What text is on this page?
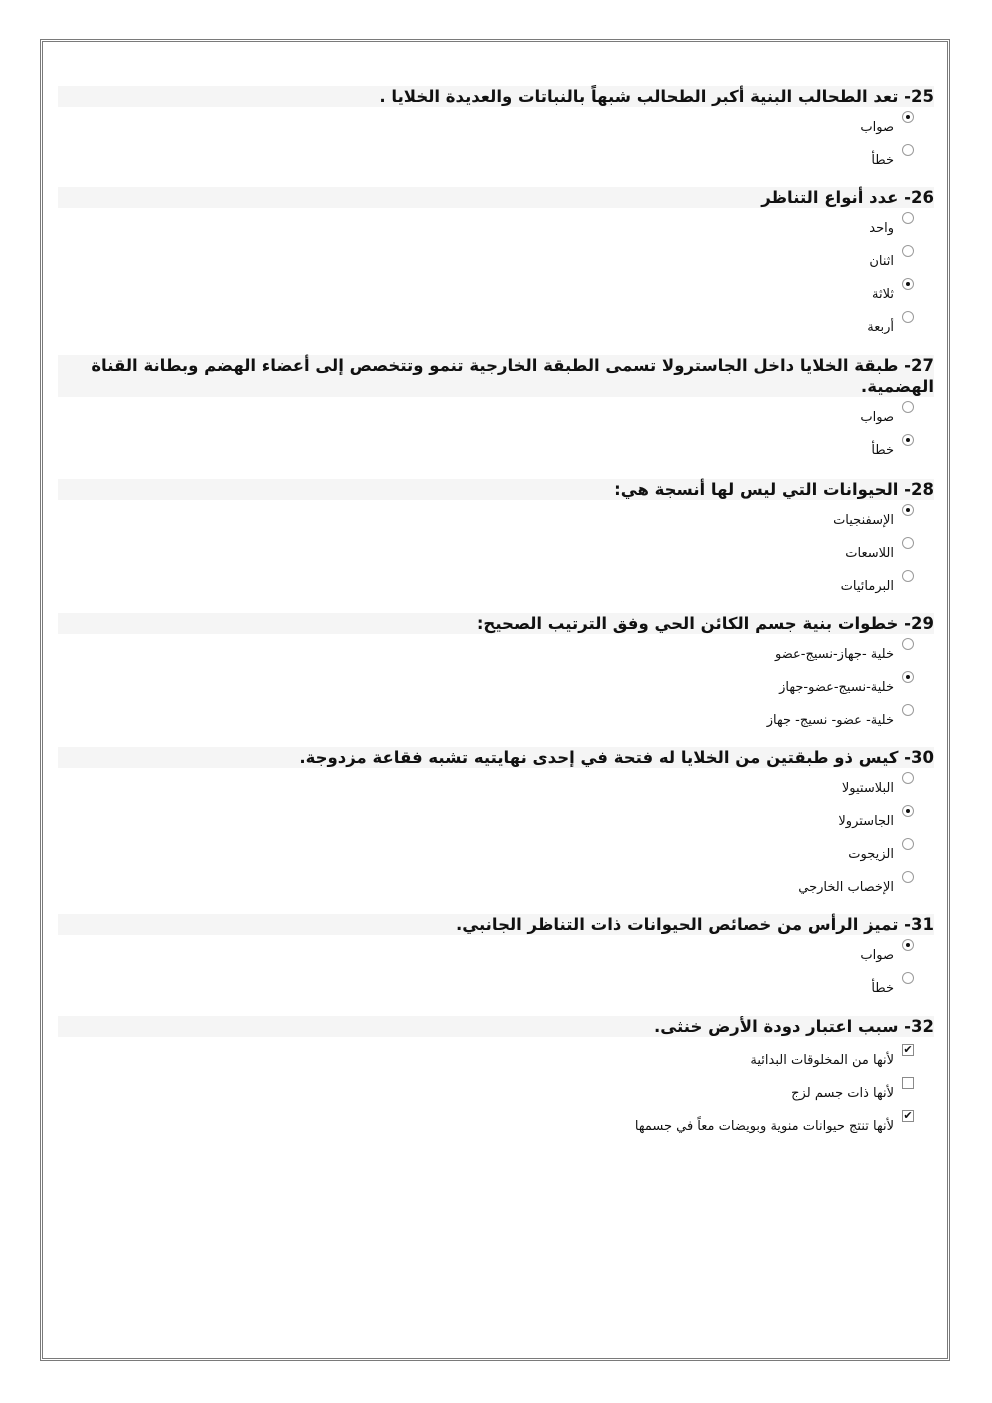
25- تعد الطحالب البنية أكبر الطحالب شبهاً بالنباتات والعديدة الخلايا .
صواب
خطأ
26- عدد أنواع التناظر
واحد
اثنان
ثلاثة
أربعة
27- طبقة الخلايا داخل الجاسترولا تسمى الطبقة الخارجية تنمو وتتخصص إلى أعضاء الهضم وبطانة القناة الهضمية.
صواب
خطأ
28- الحيوانات التي ليس لها أنسجة هي:
الإسفنجيات
اللاسعات
البرمائيات
29- خطوات بنية جسم الكائن الحي وفق الترتيب الصحيح:
خلية -جهاز-نسيج-عضو
خلية-نسيج-عضو-جهاز
خلية- عضو- نسيج- جهاز
30- كيس ذو طبقتين من الخلايا له فتحة في إحدى نهايتيه تشبه فقاعة مزدوجة.
البلاستيولا
الجاسترولا
الزيجوت
الإخصاب الخارجي
31- تميز الرأس من خصائص الحيوانات ذات التناظر الجانبي.
صواب
خطأ
32- سبب اعتبار دودة الأرض خنثى.
✔
لأنها من المخلوقات البدائية
لأنها ذات جسم لزج
✔
لأنها تنتج حيوانات منوية وبويضات معاً في جسمها
